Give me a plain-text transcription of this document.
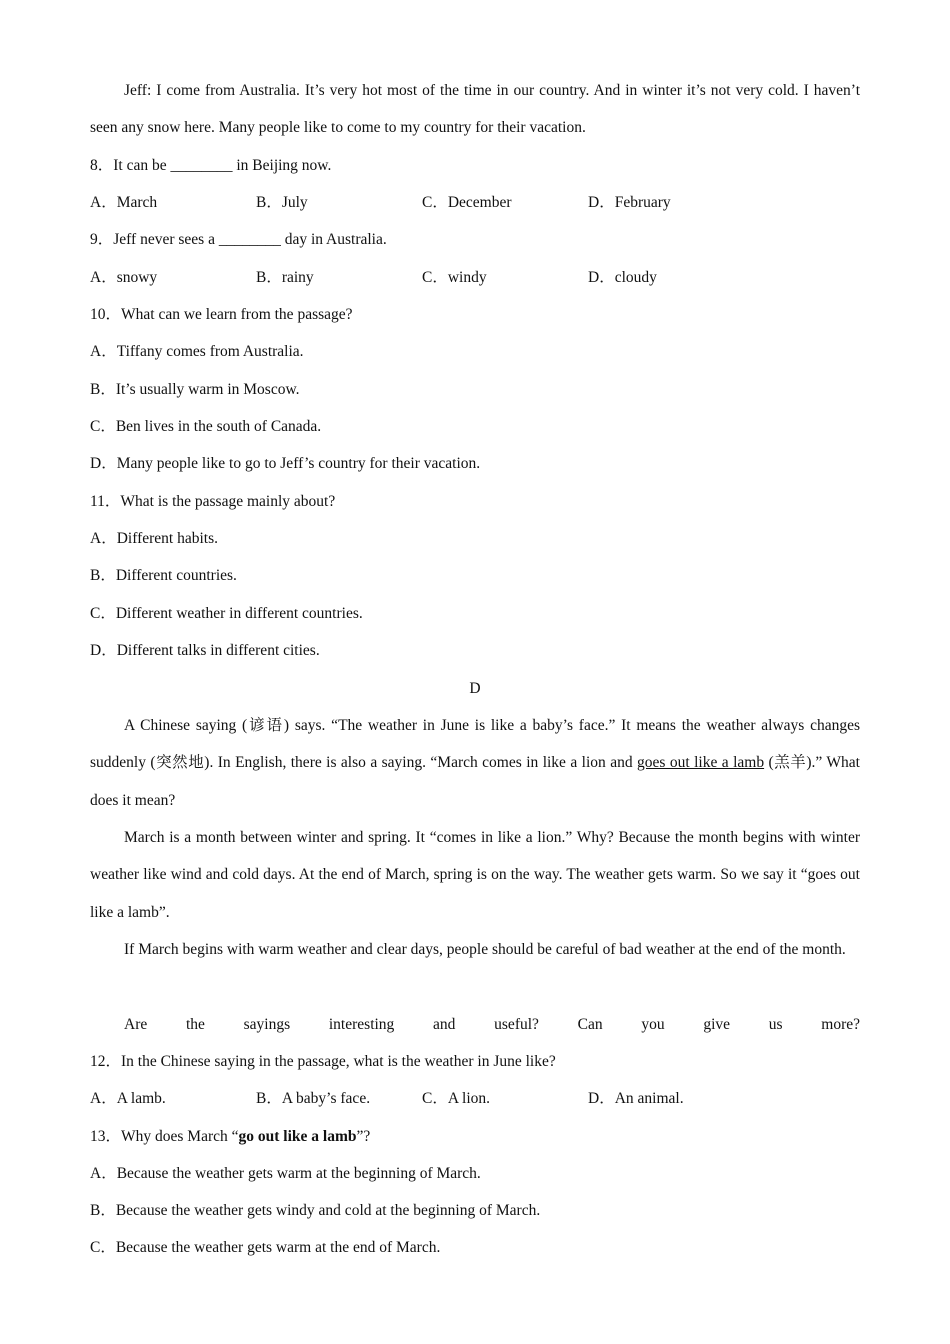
Jeff: I come from Australia. It’s very hot most of the time in our country. And in winter it’s not very cold. I haven’t seen any snow here. Many people like to come to my country for their vacation.
8．It can be ________ in Beijing now.
A．March	B．July	C．December	D．February
9．Jeff never sees a ________ day in Australia.
A．snowy	B．rainy	C．windy	D．cloudy
10．What can we learn from the passage?
A．Tiffany comes from Australia.
B．It’s usually warm in Moscow.
C．Ben lives in the south of Canada.
D．Many people like to go to Jeff’s country for their vacation.
11．What is the passage mainly about?
A．Different habits.
B．Different countries.
C．Different weather in different countries.
D．Different talks in different cities.
D
A Chinese saying (谚语) says. “The weather in June is like a baby’s face.” It means the weather always changes suddenly (突然地). In English, there is also a saying. “March comes in like a lion and goes out like a lamb (羔羊).” What does it mean?
March is a month between winter and spring. It “comes in like a lion.” Why? Because the month begins with winter weather like wind and cold days. At the end of March, spring is on the way. The weather gets warm. So we say it “goes out like a lamb”.
If March begins with warm weather and clear days, people should be careful of bad weather at the end of the month.
Are the sayings interesting and useful? Can you give us more?
12．In the Chinese saying in the passage, what is the weather in June like?
A．A lamb.	B．A baby’s face.	C．A lion.	D．An animal.
13．Why does March “go out like a lamb”?
A．Because the weather gets warm at the beginning of March.
B．Because the weather gets windy and cold at the beginning of March.
C．Because the weather gets warm at the end of March.
